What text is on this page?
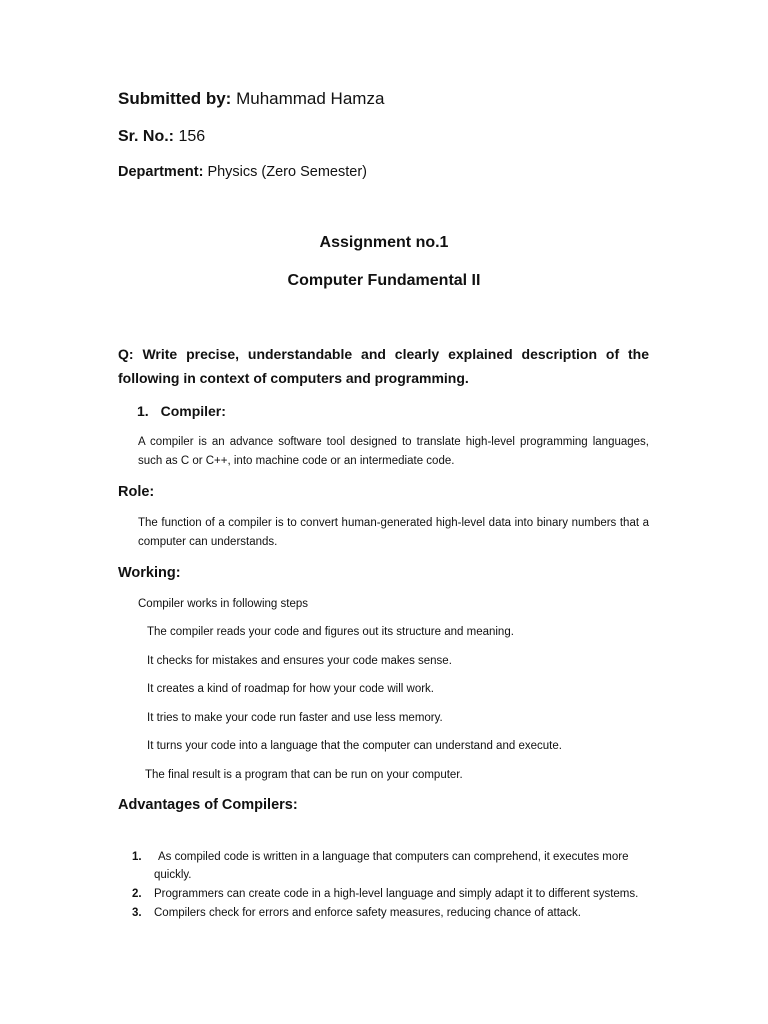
Submitted by: Muhammad Hamza
Sr. No.: 156
Department: Physics (Zero Semester)
Assignment no.1
Computer Fundamental II
Q: Write precise, understandable and clearly explained description of the following in context of computers and programming.
1. Compiler:
A compiler is an advance software tool designed to translate high-level programming languages, such as C or C++, into machine code or an intermediate code.
Role:
The function of a compiler is to convert human-generated high-level data into binary numbers that a computer can understands.
Working:
Compiler works in following steps
The compiler reads your code and figures out its structure and meaning.
It checks for mistakes and ensures your code makes sense.
It creates a kind of roadmap for how your code will work.
It tries to make your code run faster and use less memory.
It turns your code into a language that the computer can understand and execute.
The final result is a program that can be run on your computer.
Advantages of Compilers:
1.	As compiled code is written in a language that computers can comprehend, it executes more quickly.
2. Programmers can create code in a high-level language and simply adapt it to different systems.
3. Compilers check for errors and enforce safety measures, reducing chance of attack.
